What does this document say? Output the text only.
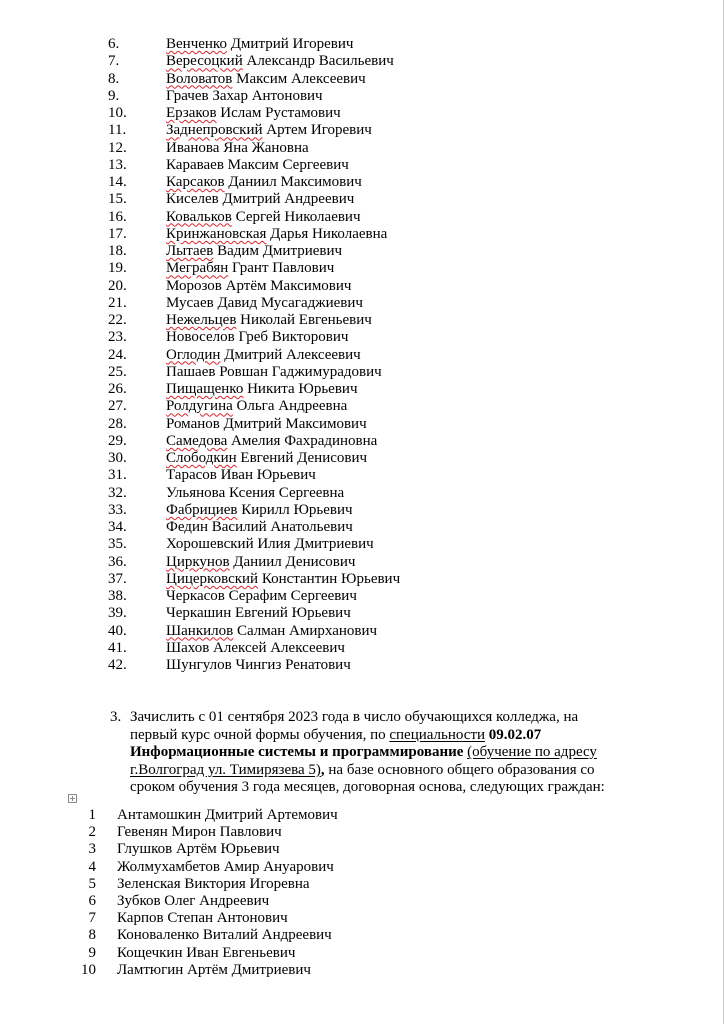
6.	Венченко Дмитрий Игоревич
7.	Вересоцкий Александр Васильевич
8.	Воловатов Максим Алексеевич
9.	Грачев Захар Антонович
10.	Ерзаков Ислам Рустамович
11.	Заднепровский Артем Игоревич
12.	Иванова Яна Жановна
13.	Караваев Максим Сергеевич
14.	Карсаков Даниил Максимович
15.	Киселев Дмитрий Андреевич
16.	Ковальков Сергей Николаевич
17.	Кринжановская Дарья Николаевна
18.	Лытаев Вадим Дмитриевич
19.	Меграбян Грант Павлович
20.	Морозов Артём Максимович
21.	Мусаев Давид Мусагаджиевич
22.	Нежельцев Николай Евгеньевич
23.	Новоселов Греб Викторович
24.	Оглодин Дмитрий Алексеевич
25.	Пашаев Ровшан Гаджимурадович
26.	Пищащенко Никита Юрьевич
27.	Ролдугина Ольга Андреевна
28.	Романов Дмитрий Максимович
29.	Самедова Амелия Фахрадиновна
30.	Слободкин Евгений Денисович
31.	Тарасов Иван Юрьевич
32.	Ульянова Ксения Сергеевна
33.	Фабрициев Кирилл Юрьевич
34.	Федин Василий Анатольевич
35.	Хорошевский Илия Дмитриевич
36.	Циркунов Даниил Денисович
37.	Цицерковский Константин Юрьевич
38.	Черкасов Серафим Сергеевич
39.	Черкашин Евгений Юрьевич
40.	Шанкилов Салман Амирханович
41.	Шахов Алексей Алексеевич
42.	Шунгулов Чингиз Ренатович
3. Зачислить с 01 сентября 2023 года в число обучающихся колледжа, на
первый курс очной формы обучения, по специальности 09.02.07
Информационные системы и программирование (обучение по адресу
г.Волгоград ул. Тимирязева 5), на базе основного общего образования со
сроком обучения 3 года месяцев, договорная основа, следующих граждан:
1 Антамошкин Дмитрий Артемович
2 Гевенян Мирон Павлович
3 Глушков Артём Юрьевич
4 Жолмухамбетов Амир Ануарович
5 Зеленская Виктория Игоревна
6 Зубков Олег Андреевич
7 Карпов Степан Антонович
8 Коноваленко Виталий Андреевич
9 Кощечкин Иван Евгеньевич
10 Ламтюгин Артём Дмитриевич
